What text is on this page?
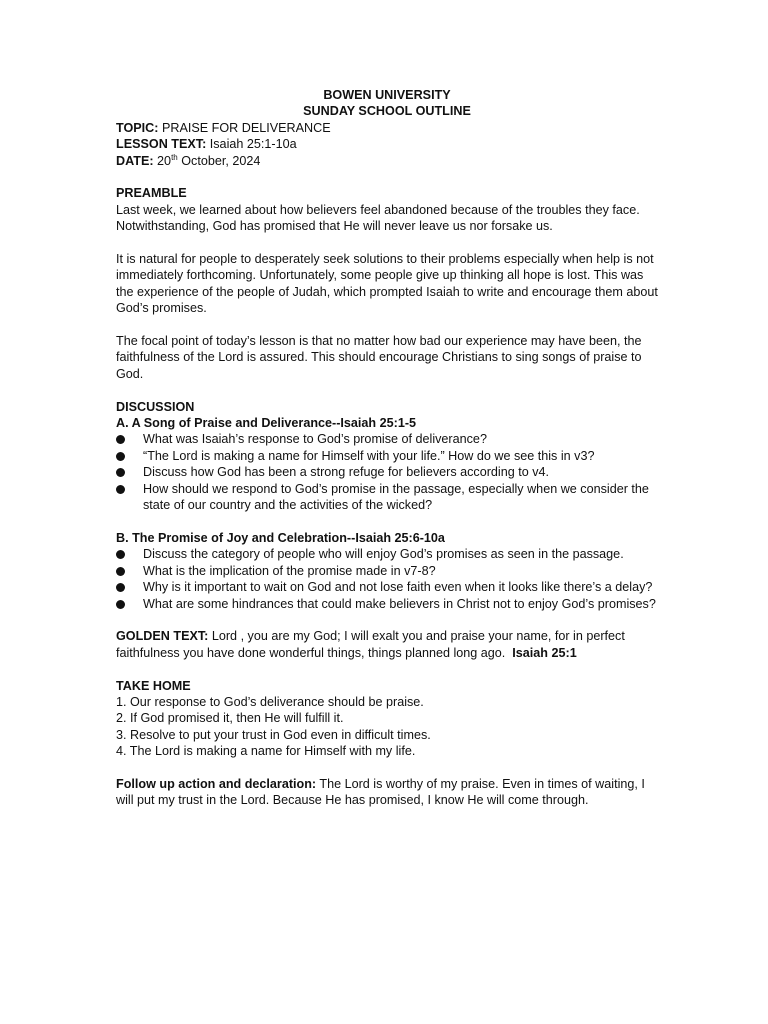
BOWEN UNIVERSITY
SUNDAY SCHOOL OUTLINE

TOPIC: PRAISE FOR DELIVERANCE

LESSON TEXT: Isaiah 25:1-10a

DATE: 20th October, 2024

PREAMBLE

Last week, we learned about how believers feel abandoned because of the troubles they face. Notwithstanding, God has promised that He will never leave us nor forsake us.

It is natural for people to desperately seek solutions to their problems especially when help is not immediately forthcoming. Unfortunately, some people give up thinking all hope is lost. This was the experience of the people of Judah, which prompted Isaiah to write and encourage them about God’s promises.

The focal point of today’s lesson is that no matter how bad our experience may have been, the faithfulness of the Lord is assured. This should encourage Christians to sing songs of praise to God.

DISCUSSION

A. A Song of Praise and Deliverance--Isaiah 25:1-5

What was Isaiah’s response to God’s promise of deliverance?
“The Lord is making a name for Himself with your life.” How do we see this in v3?
Discuss how God has been a strong refuge for believers according to v4.
How should we respond to God’s promise in the passage, especially when we consider the state of our country and the activities of the wicked?

B. The Promise of Joy and Celebration--Isaiah 25:6-10a

Discuss the category of people who will enjoy God’s promises as seen in the passage.
What is the implication of the promise made in v7-8?
Why is it important to wait on God and not lose faith even when it looks like there’s a delay?
What are some hindrances that could make believers in Christ not to enjoy God’s promises?

GOLDEN TEXT: Lord , you are my God; I will exalt you and praise your name, for in perfect faithfulness you have done wonderful things, things planned long ago. Isaiah 25:1

TAKE HOME

1. Our response to God’s deliverance should be praise.

2. If God promised it, then He will fulfill it.

3. Resolve to put your trust in God even in difficult times.

4. The Lord is making a name for Himself with my life.

Follow up action and declaration: The Lord is worthy of my praise. Even in times of waiting, I will put my trust in the Lord. Because He has promised, I know He will come through.
